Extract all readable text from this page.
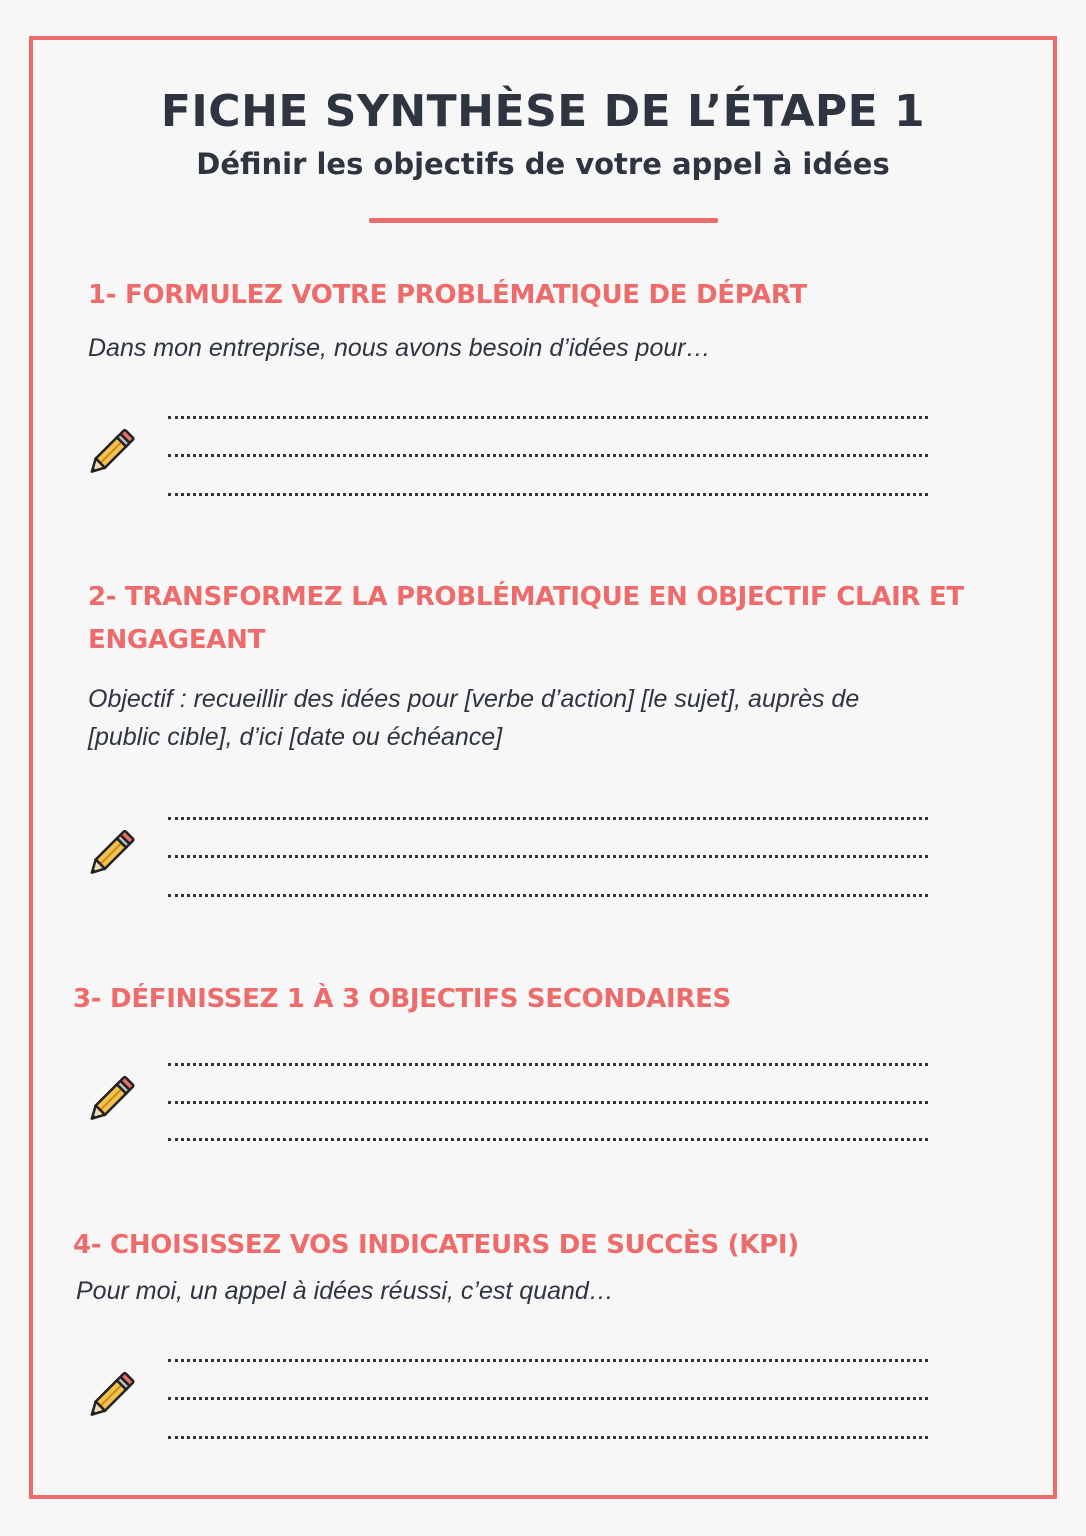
FICHE SYNTHÈSE DE L’ÉTAPE 1
Définir les objectifs de votre appel à idées
1- FORMULEZ VOTRE PROBLÉMATIQUE DE DÉPART
Dans mon entreprise, nous avons besoin d’idées pour…
2- TRANSFORMEZ LA PROBLÉMATIQUE EN OBJECTIF CLAIR ET
ENGAGEANT
Objectif : recueillir des idées pour [verbe d’action] [le sujet], auprès de
[public cible], d’ici [date ou échéance]
3- DÉFINISSEZ 1 À 3 OBJECTIFS SECONDAIRES
4- CHOISISSEZ VOS INDICATEURS DE SUCCÈS (KPI)
Pour moi, un appel à idées réussi, c’est quand…
